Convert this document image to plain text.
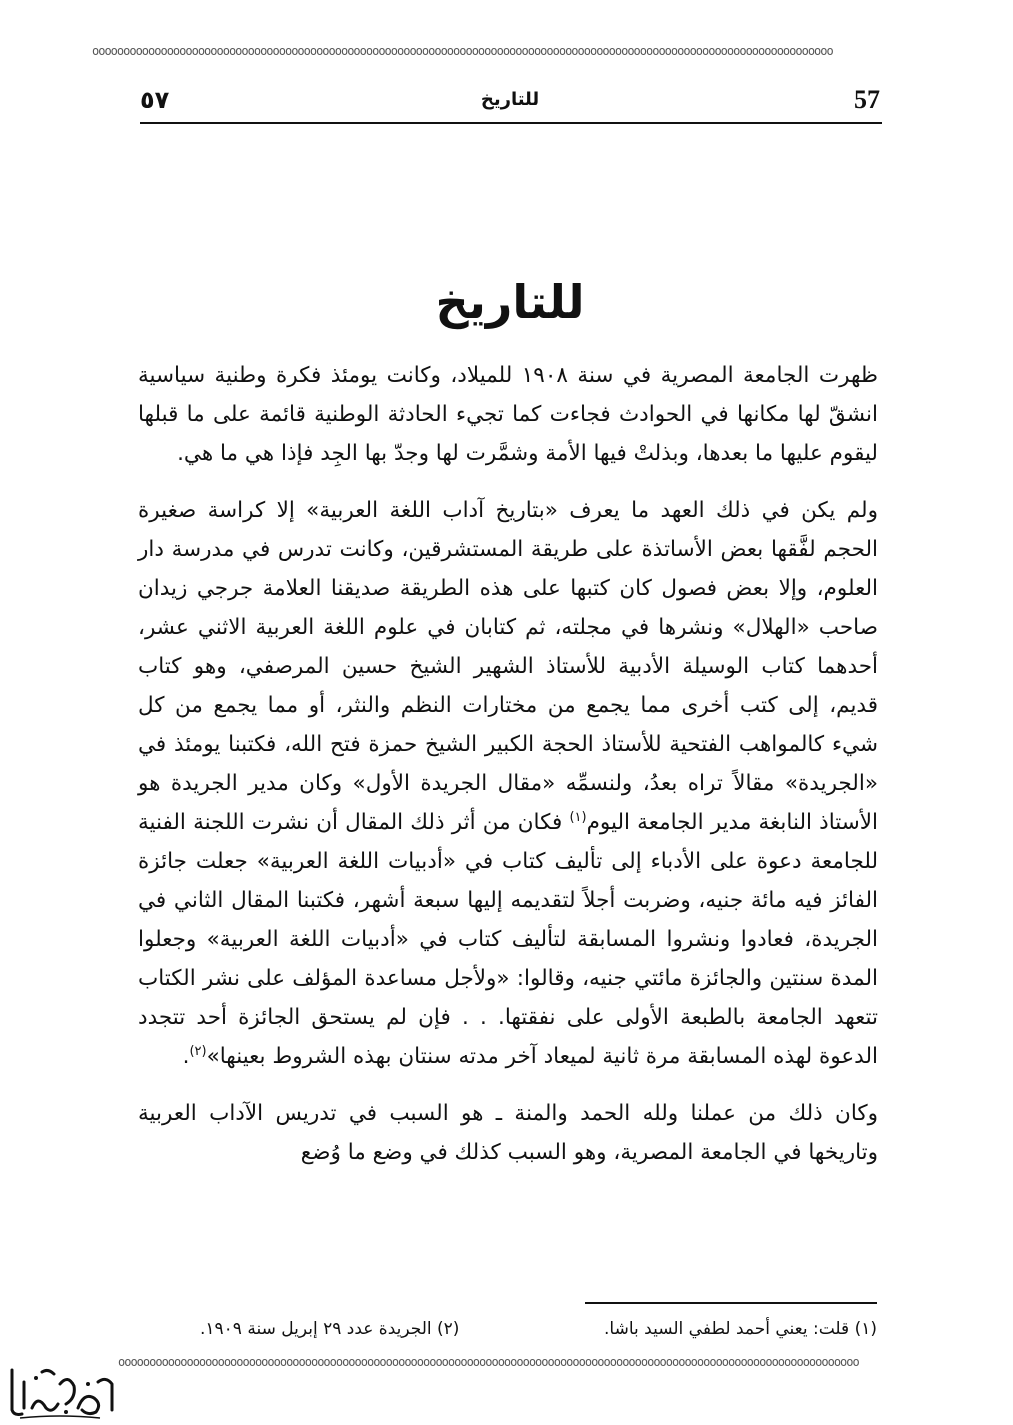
ooooooooooooooooooooooooooooooooooooooooooooooooooooooooooooooooooooooooooooooooooooooooooooooooooooooooooooooooooooooo
57
للتاريخ
٥٧
للتاريخ

ظهرت الجامعة المصرية في سنة ١٩٠٨ للميلاد، وكانت يومئذ فكرة وطنية سياسية انشقّ لها مكانها في الحوادث فجاءت كما تجيء الحادثة الوطنية قائمة على ما قبلها ليقوم عليها ما بعدها، وبذلتْ فيها الأمة وشمَّرت لها وجدّ بها الجِد فإذا هي ما هي.

ولم يكن في ذلك العهد ما يعرف «بتاريخ آداب اللغة العربية» إلا كراسة صغيرة الحجم لفَّقها بعض الأساتذة على طريقة المستشرقين، وكانت تدرس في مدرسة دار العلوم، وإلا بعض فصول كان كتبها على هذه الطريقة صديقنا العلامة جرجي زيدان صاحب «الهلال» ونشرها في مجلته، ثم كتابان في علوم اللغة العربية الاثني عشر، أحدهما كتاب الوسيلة الأدبية للأستاذ الشهير الشيخ حسين المرصفي، وهو كتاب قديم، إلى كتب أخرى مما يجمع من مختارات النظم والنثر، أو مما يجمع من كل شيء كالمواهب الفتحية للأستاذ الحجة الكبير الشيخ حمزة فتح الله، فكتبنا يومئذ في «الجريدة» مقالاً تراه بعدُ، ولنسمِّه «مقال الجريدة الأول» وكان مدير الجريدة هو الأستاذ النابغة مدير الجامعة اليوم$^{(١)}$ فكان من أثر ذلك المقال أن نشرت اللجنة الفنية للجامعة دعوة على الأدباء إلى تأليف كتاب في «أدبيات اللغة العربية» جعلت جائزة الفائز فيه مائة جنيه، وضربت أجلاً لتقديمه إليها سبعة أشهر، فكتبنا المقال الثاني في الجريدة، فعادوا ونشروا المسابقة لتأليف كتاب في «أدبيات اللغة العربية» وجعلوا المدة سنتين والجائزة مائتي جنيه، وقالوا: «ولأجل مساعدة المؤلف على نشر الكتاب تتعهد الجامعة بالطبعة الأولى على نفقتها. . . فإن لم يستحق الجائزة أحد تتجدد الدعوة لهذه المسابقة مرة ثانية لميعاد آخر مدته سنتان بهذه الشروط بعينها»$^{(٢)}$.

وكان ذلك من عملنا ولله الحمد والمنة ـ هو السبب في تدريس الآداب العربية وتاريخها في الجامعة المصرية، وهو السبب كذلك في وضع ما وُضع

(١) قلت: يعني أحمد لطفي السيد باشا.
(٢) الجريدة عدد ٢٩ إبريل سنة ١٩٠٩.
ooooooooooooooooooooooooooooooooooooooooooooooooooooooooooooooooooooooooooooooooooooooooooooooooooooooooooooooooooooooo
